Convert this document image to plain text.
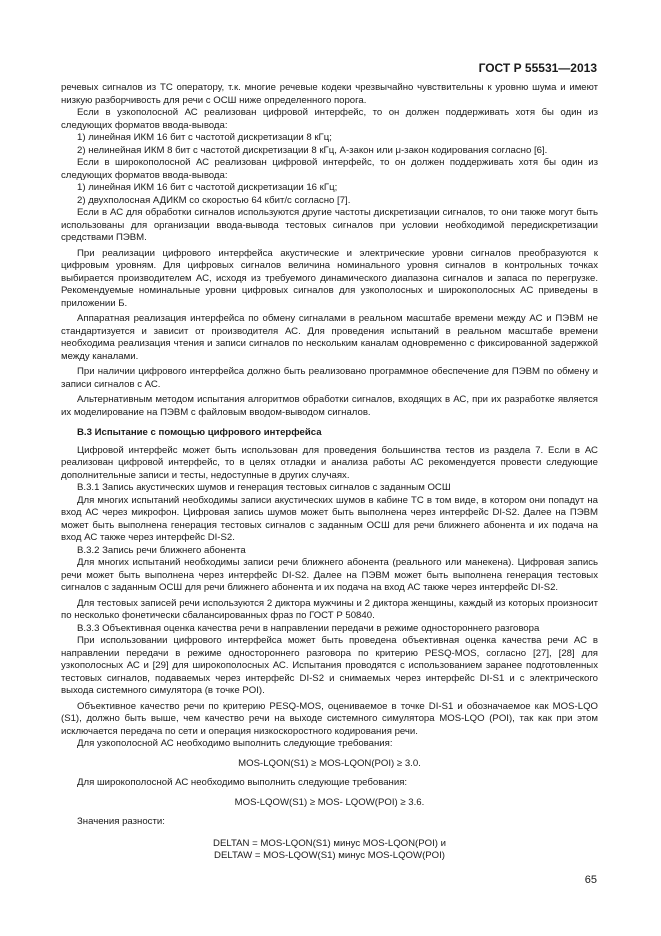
ГОСТ Р 55531—2013

речевых сигналов из ТС оператору, т.к. многие речевые кодеки чрезвычайно чувствительны к уровню шума и имеют низкую разборчивость для речи с ОСШ ниже определенного порога.

Если в узкополосной АС реализован цифровой интерфейс, то он должен поддерживать хотя бы один из следующих форматов ввода-вывода:

1) линейная ИКМ 16 бит с частотой дискретизации 8 кГц;

2) нелинейная ИКМ 8 бит с частотой дискретизации 8 кГц, A-закон или μ-закон кодирования согласно [6].

Если в широкополосной АС реализован цифровой интерфейс, то он должен поддерживать хотя бы один из следующих форматов ввода-вывода:

1) линейная ИКМ 16 бит с частотой дискретизации 16 кГц;

2) двухполосная АДИКМ со скоростью 64 кбит/с согласно [7].

Если в АС для обработки сигналов используются другие частоты дискретизации сигналов, то они также могут быть использованы для организации ввода-вывода тестовых сигналов при условии необходимой передискретизации средствами ПЭВМ.

При реализации цифрового интерфейса акустические и электрические уровни сигналов преобразуются к цифровым уровням. Для цифровых сигналов величина номинального уровня сигналов в контрольных точках выбирается производителем АС, исходя из требуемого динамического диапазона сигналов и запаса по перегрузке. Рекомендуемые номинальные уровни цифровых сигналов для узкополосных и широкополосных АС приведены в приложении Б.

Аппаратная реализация интерфейса по обмену сигналами в реальном масштабе времени между АС и ПЭВМ не стандартизуется и зависит от производителя АС. Для проведения испытаний в реальном масштабе времени необходима реализация чтения и записи сигналов по нескольким каналам одновременно с фиксированной задержкой между каналами.

При наличии цифрового интерфейса должно быть реализовано программное обеспечение для ПЭВМ по обмену и записи сигналов с АС.

Альтернативным методом испытания алгоритмов обработки сигналов, входящих в АС, при их разработке является их моделирование на ПЭВМ с файловым вводом-выводом сигналов.

В.3 Испытание с помощью цифрового интерфейса

Цифровой интерфейс может быть использован для проведения большинства тестов из раздела 7. Если в АС реализован цифровой интерфейс, то в целях отладки и анализа работы АС рекомендуется провести следующие дополнительные записи и тесты, недоступные в других случаях.

В.3.1 Запись акустических шумов и генерация тестовых сигналов с заданным ОСШ

Для многих испытаний необходимы записи акустических шумов в кабине ТС в том виде, в котором они попадут на вход АС через микрофон. Цифровая запись шумов может быть выполнена через интерфейс DI-S2. Далее на ПЭВМ может быть выполнена генерация тестовых сигналов с заданным ОСШ для речи ближнего абонента и их подача на вход АС также через интерфейс DI-S2.

В.3.2 Запись речи ближнего абонента

Для многих испытаний необходимы записи речи ближнего абонента (реального или манекена). Цифровая запись речи может быть выполнена через интерфейс DI-S2. Далее на ПЭВМ может быть выполнена генерация тестовых сигналов с заданным ОСШ для речи ближнего абонента и их подача на вход АС также через интерфейс DI-S2.

Для тестовых записей речи используются 2 диктора мужчины и 2 диктора женщины, каждый из которых произносит по несколько фонетически сбалансированных фраз по ГОСТ Р 50840.

В.3.3 Объективная оценка качества речи в направлении передачи в режиме одностороннего разговора

При использовании цифрового интерфейса может быть проведена объективная оценка качества речи АС в направлении передачи в режиме одностороннего разговора по критерию PESQ-MOS, согласно [27], [28] для узкополосных АС и [29] для широкополосных АС. Испытания проводятся с использованием заранее подготовленных тестовых сигналов, подаваемых через интерфейс DI-S2 и снимаемых через интерфейс DI-S1 и с электрического выхода системного симулятора (в точке POI).

Объективное качество речи по критерию PESQ-MOS, оцениваемое в точке DI-S1 и обозначаемое как MOS-LQO (S1), должно быть выше, чем качество речи на выходе системного симулятора MOS-LQO (POI), так как при этом исключается передача по сети и операция низкоскоростного кодирования речи.

Для узкополосной АС необходимо выполнить следующие требования:

MOS-LQON(S1) ≥ MOS-LQON(POI) ≥ 3.0.

Для широкополосной АС необходимо выполнить следующие требования:

MOS-LQOW(S1) ≥ MOS- LQOW(POI) ≥ 3.6.

Значения разности:

DELTAN = MOS-LQON(S1) минус MOS-LQON(POI) и

DELTAW = MOS-LQOW(S1) минус MOS-LQOW(POI)

65
